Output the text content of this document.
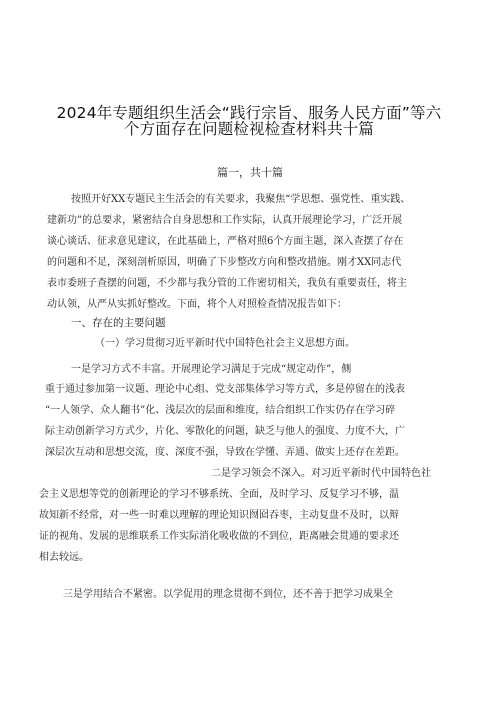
2024年专题组织生活会“践行宗旨、服务人民方面”等六
个方面存在问题检视检查材料共十篇
篇一，共十篇
按照开好XX专题民主生活会的有关要求，我聚焦“学思想、强党性、重实践、
建新功”的总要求，紧密结合自身思想和工作实际，认真开展理论学习，广泛开展
谈心谈话、征求意见建议，在此基础上，严格对照6个方面主题，深入查摆了存在
的问题和不足，深刻剖析原因，明确了下步整改方向和整改措施。刚才XX同志代
表市委班子查摆的问题，不少都与我分管的工作密切相关，我负有重要责任，将主
动认领，从严从实抓好整改。下面，将个人对照检查情况报告如下：
一、存在的主要问题
（一）学习贯彻习近平新时代中国特色社会主义思想方面。
一是学习方式不丰富。开展理论学习满足于完成“规定动作”，侧
重于通过参加第一议题、理论中心组、党支部集体学习等方式，多是停留在的浅表
“一人领学、众人翻书”化、浅层次的层面和维度，结合组织工作实仍存在学习碎
际主动创新学习方式少，片化、零散化的问题，缺乏与他人的强度、力度不大，广
深层次互动和思想交流，度、深度不强，导致在学懂、弄通、做实上还存在差距。
二是学习领会不深入。对习近平新时代中国特色社
会主义思想等党的创新理论的学习不够系统、全面，及时学习、反复学习不够，温
故知新不经常，对一些一时难以理解的理论知识囫囵吞枣，主动复盘不及时，以辩
证的视角、发展的思维联系工作实际消化吸收做的不到位，距离融会贯通的要求还
相去较远。
三是学用结合不紧密。以学促用的理念贯彻不到位，还不善于把学习成果全
